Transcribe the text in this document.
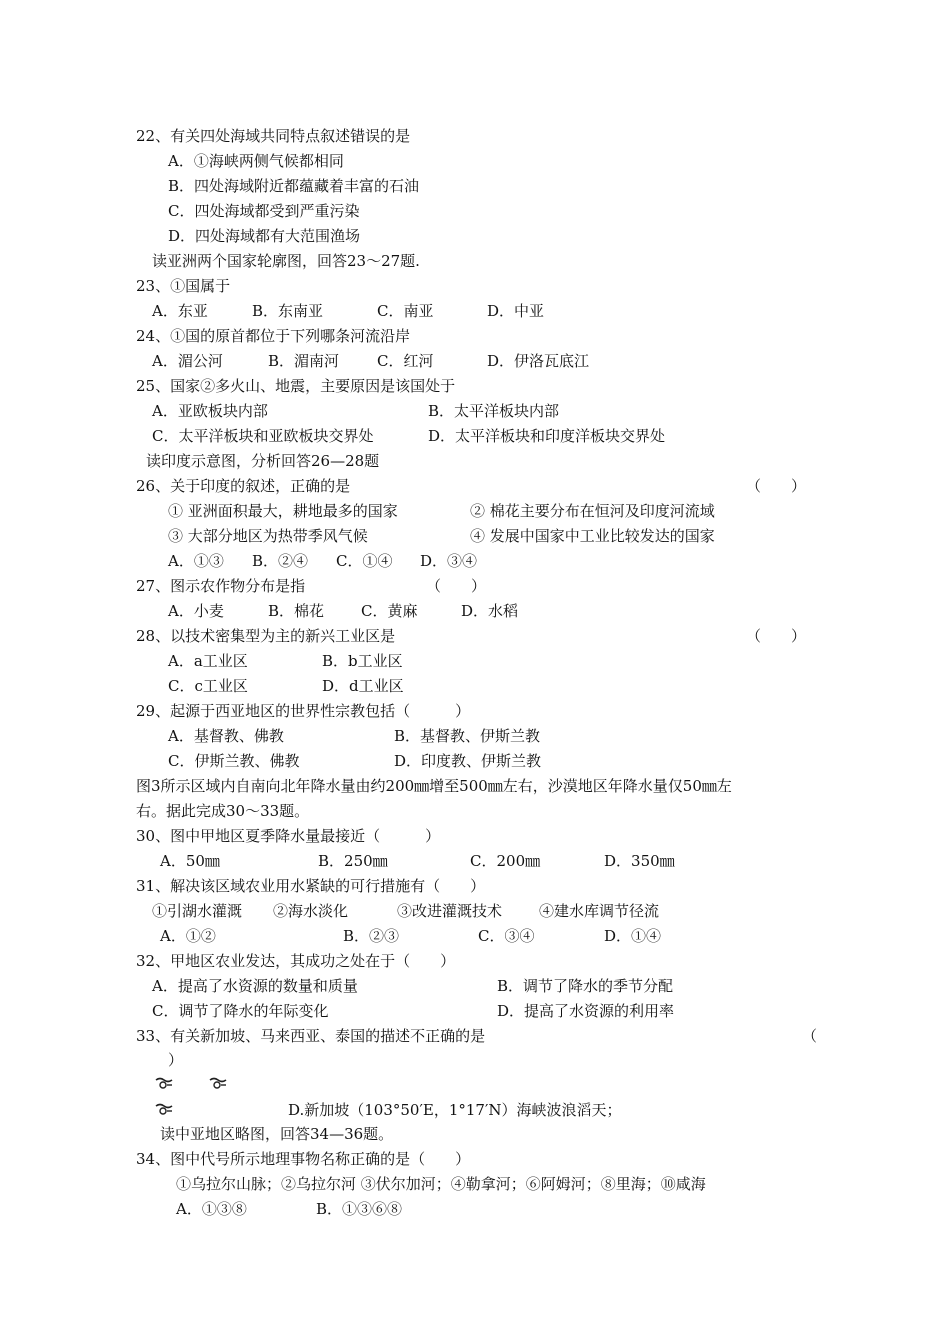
22、有关四处海域共同特点叙述错误的是
A．①海峡两侧气候都相同
B．四处海域附近都蕴藏着丰富的石油
C．四处海域都受到严重污染
D．四处海域都有大范围渔场
读亚洲两个国家轮廓图，回答23～27题.
23、①国属于
A．东亚	B．东南亚	C．南亚	D．中亚
24、①国的原首都位于下列哪条河流沿岸
A．湄公河	B．湄南河	C．红河	D．伊洛瓦底江
25、国家②多火山、地震，主要原因是该国处于
A．亚欧板块内部	B．太平洋板块内部
C．太平洋板块和亚欧板块交界处	D．太平洋板块和印度洋板块交界处
读印度示意图，分析回答26—28题
26、关于印度的叙述，正确的是	（　　）
① 亚洲面积最大，耕地最多的国家	② 棉花主要分布在恒河及印度河流域
③ 大部分地区为热带季风气候	④ 发展中国家中工业比较发达的国家
A．①③ B．②④ C．①④ D．③④
27、图示农作物分布是指	（　　）
A．小麦	B．棉花 C．黄麻	D．水稻
28、以技术密集型为主的新兴工业区是	（　　）
A．a工业区	B．b工业区
C．c工业区	D．d工业区
29、起源于西亚地区的世界性宗教包括（　　　）
A．基督教、佛教	B．基督教、伊斯兰教
C．伊斯兰教、佛教	D．印度教、伊斯兰教
图3所示区域内自南向北年降水量由约200㎜增至500㎜左右，沙漠地区年降水量仅50㎜左
右。据此完成30～33题。
30、图中甲地区夏季降水量最接近（　　　）
A．50㎜	B．250㎜	C．200㎜	D．350㎜
31、解决该区域农业用水紧缺的可行措施有（　　）
①引湖水灌溉 ②海水淡化	③改进灌溉技术 ④建水库调节径流
A．①②	B．②③	C．③④	D．①④
32、甲地区农业发达，其成功之处在于（　　）
A．提高了水资源的数量和质量	B．调节了降水的季节分配
C．调节了降水的年际变化	D．提高了水资源的利用率
33、有关新加坡、马来西亚、泰国的描述不正确的是	（
）
D.新加坡（103°50′E，1°17′N）海峡波浪滔天；
读中亚地区略图，回答34—36题。
34、图中代号所示地理事物名称正确的是（　　）
①乌拉尔山脉；②乌拉尔河 ③伏尔加河；④勒拿河；⑥阿姆河；⑧里海；⑩咸海
A．①③⑧	B．①③⑥⑧
